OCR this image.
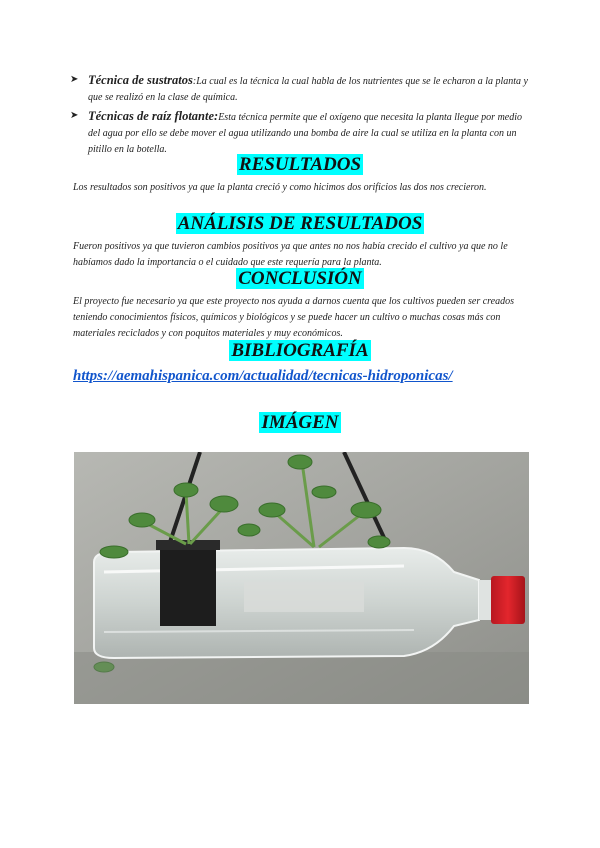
➤ Técnica de sustratos:La cual es la técnica la cual habla de los nutrientes que se le echaron a la planta y que se realizó en la clase de química.
➤ Técnicas de raíz flotante:Esta técnica permite que el oxígeno que necesita la planta llegue por medio del agua por ello se debe mover el agua utilizando una bomba de aire la cual se utiliza en la planta con un pitillo en la botella.
RESULTADOS
Los resultados son positivos ya que la planta creció y como hicimos dos orificios las dos nos crecieron.
ANÁLISIS DE RESULTADOS
Fueron positivos ya que tuvieron cambios positivos ya que antes no nos había crecido el cultivo ya que no le habíamos dado la importancia o el cuidado que este requería para la planta.
CONCLUSIÓN
El proyecto fue necesario ya que este proyecto nos ayuda a darnos cuenta que los cultivos pueden ser creados teniendo conocimientos físicos, químicos y biológicos y se puede hacer un cultivo o muchas cosas más con materiales reciclados y con poquitos materiales y muy económicos.
BIBLIOGRAFÍA
https://aemahispanica.com/actualidad/tecnicas-hidroponicas/
IMÁGEN
